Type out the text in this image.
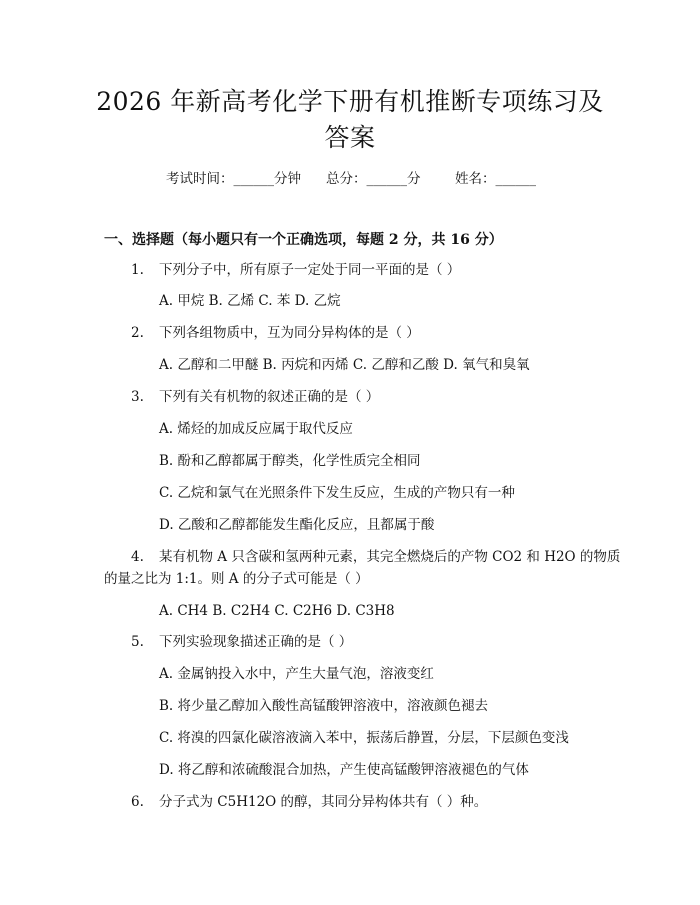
2026 年新高考化学下册有机推断专项练习及
答案
考试时间：______分钟 总分：______分	姓名：______
一、选择题（每小题只有一个正确选项，每题 2 分，共 16 分）
1. 下列分子中，所有原子一定处于同一平面的是（ ）
A. 甲烷 B. 乙烯 C. 苯 D. 乙烷
2. 下列各组物质中，互为同分异构体的是（ ）
A. 乙醇和二甲醚 B. 丙烷和丙烯 C. 乙醇和乙酸 D. 氧气和臭氧
3. 下列有关有机物的叙述正确的是（ ）
A. 烯烃的加成反应属于取代反应
B. 酚和乙醇都属于醇类，化学性质完全相同
C. 乙烷和氯气在光照条件下发生反应，生成的产物只有一种
D. 乙酸和乙醇都能发生酯化反应，且都属于酸
4. 某有机物 A 只含碳和氢两种元素，其完全燃烧后的产物 CO2 和 H2O 的物质
的量之比为 1:1。则 A 的分子式可能是（ ）
A. CH4 B. C2H4 C. C2H6 D. C3H8
5. 下列实验现象描述正确的是（ ）
A. 金属钠投入水中，产生大量气泡，溶液变红
B. 将少量乙醇加入酸性高锰酸钾溶液中，溶液颜色褪去
C. 将溴的四氯化碳溶液滴入苯中，振荡后静置，分层，下层颜色变浅
D. 将乙醇和浓硫酸混合加热，产生使高锰酸钾溶液褪色的气体
6. 分子式为 C5H12O 的醇，其同分异构体共有（ ）种。
